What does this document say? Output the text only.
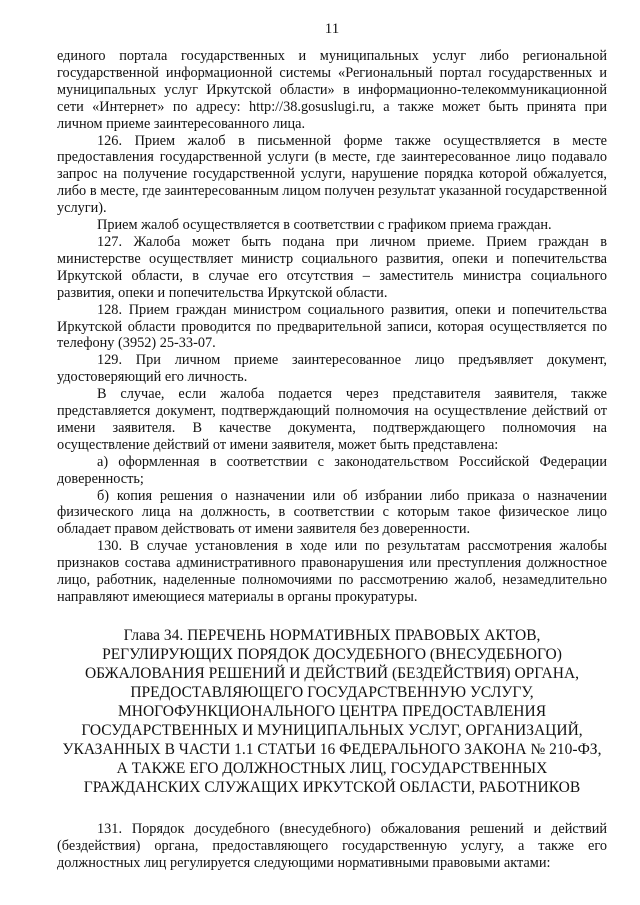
11

единого портала государственных и муниципальных услуг либо региональной государственной информационной системы «Региональный портал государственных и муниципальных услуг Иркутской области» в информационно-телекоммуникационной сети «Интернет» по адресу: http://38.gosuslugi.ru, а также может быть принята при личном приеме заинтересованного лица.

126. Прием жалоб в письменной форме также осуществляется в месте предоставления государственной услуги (в месте, где заинтересованное лицо подавало запрос на получение государственной услуги, нарушение порядка которой обжалуется, либо в месте, где заинтересованным лицом получен результат указанной государственной услуги).

Прием жалоб осуществляется в соответствии с графиком приема граждан.

127. Жалоба может быть подана при личном приеме. Прием граждан в министерстве осуществляет министр социального развития, опеки и попечительства Иркутской области, в случае его отсутствия – заместитель министра социального развития, опеки и попечительства Иркутской области.

128. Прием граждан министром социального развития, опеки и попечительства Иркутской области проводится по предварительной записи, которая осуществляется по телефону (3952) 25-33-07.

129. При личном приеме заинтересованное лицо предъявляет документ, удостоверяющий его личность.

В случае, если жалоба подается через представителя заявителя, также представляется документ, подтверждающий полномочия на осуществление действий от имени заявителя. В качестве документа, подтверждающего полномочия на осуществление действий от имени заявителя, может быть представлена:

а) оформленная в соответствии с законодательством Российской Федерации доверенность;

б) копия решения о назначении или об избрании либо приказа о назначении физического лица на должность, в соответствии с которым такое физическое лицо обладает правом действовать от имени заявителя без доверенности.

130. В случае установления в ходе или по результатам рассмотрения жалобы признаков состава административного правонарушения или преступления должностное лицо, работник, наделенные полномочиями по рассмотрению жалоб, незамедлительно направляют имеющиеся материалы в органы прокуратуры.

Глава 34. ПЕРЕЧЕНЬ НОРМАТИВНЫХ ПРАВОВЫХ АКТОВ, РЕГУЛИРУЮЩИХ ПОРЯДОК ДОСУДЕБНОГО (ВНЕСУДЕБНОГО) ОБЖАЛОВАНИЯ РЕШЕНИЙ И ДЕЙСТВИЙ (БЕЗДЕЙСТВИЯ) ОРГАНА, ПРЕДОСТАВЛЯЮЩЕГО ГОСУДАРСТВЕННУЮ УСЛУГУ, МНОГОФУНКЦИОНАЛЬНОГО ЦЕНТРА ПРЕДОСТАВЛЕНИЯ ГОСУДАРСТВЕННЫХ И МУНИЦИПАЛЬНЫХ УСЛУГ, ОРГАНИЗАЦИЙ, УКАЗАННЫХ В ЧАСТИ 1.1 СТАТЬИ 16 ФЕДЕРАЛЬНОГО ЗАКОНА № 210-ФЗ, А ТАКЖЕ ЕГО ДОЛЖНОСТНЫХ ЛИЦ, ГОСУДАРСТВЕННЫХ ГРАЖДАНСКИХ СЛУЖАЩИХ ИРКУТСКОЙ ОБЛАСТИ, РАБОТНИКОВ

131. Порядок досудебного (внесудебного) обжалования решений и действий (бездействия) органа, предоставляющего государственную услугу, а также его должностных лиц регулируется следующими нормативными правовыми актами:
